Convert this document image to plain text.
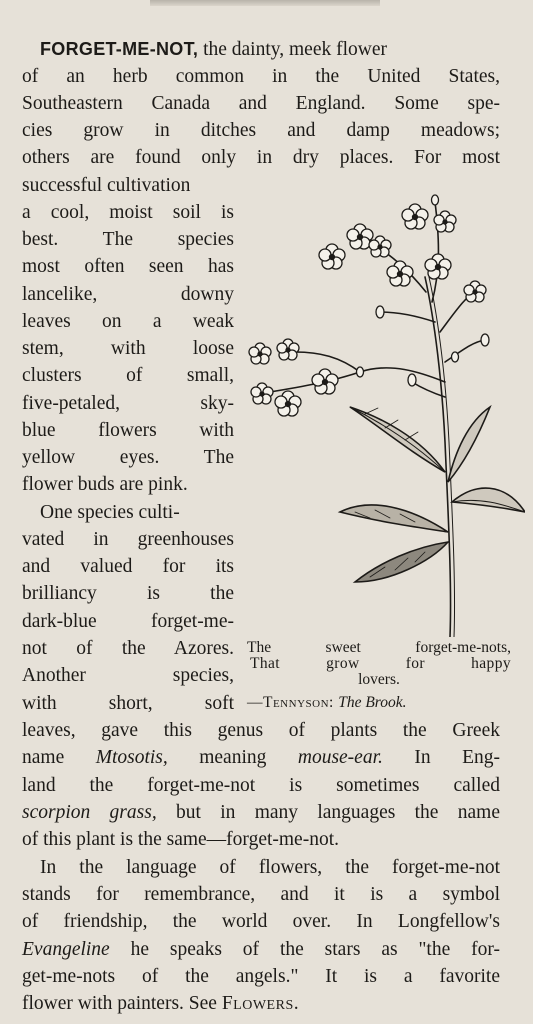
FORGET-ME-NOT, the dainty, meek flower
of an herb common in the United States,
Southeastern Canada and England. Some spe-
cies grow in ditches and damp meadows;
others are found only in dry places. For most
successful cultivation
a cool, moist soil is
best. The species
most often seen has
lancelike, downy
leaves on a weak
stem, with loose
clusters of small,
five-petaled, sky-
blue flowers with
yellow eyes. The
flower buds are pink.
One species culti-
vated in greenhouses
and valued for its
brilliancy is the
dark-blue forget-me-
not of the Azores.
Another species,
with short, soft
leaves, gave this genus of plants the Greek
name Mtosotis, meaning mouse-ear. In Eng-
land the forget-me-not is sometimes called
scorpion grass, but in many languages the name
of this plant is the same—forget-me-not.
In the language of flowers, the forget-me-not
stands for remembrance, and it is a symbol
of friendship, the world over. In Longfellow's
Evangeline he speaks of the stars as "the for-
get-me-nots of the angels." It is a favorite
flower with painters. See Flowers.
The sweet forget-me-nots,
That grow for happy
lovers.
—Tennyson: The Brook.
